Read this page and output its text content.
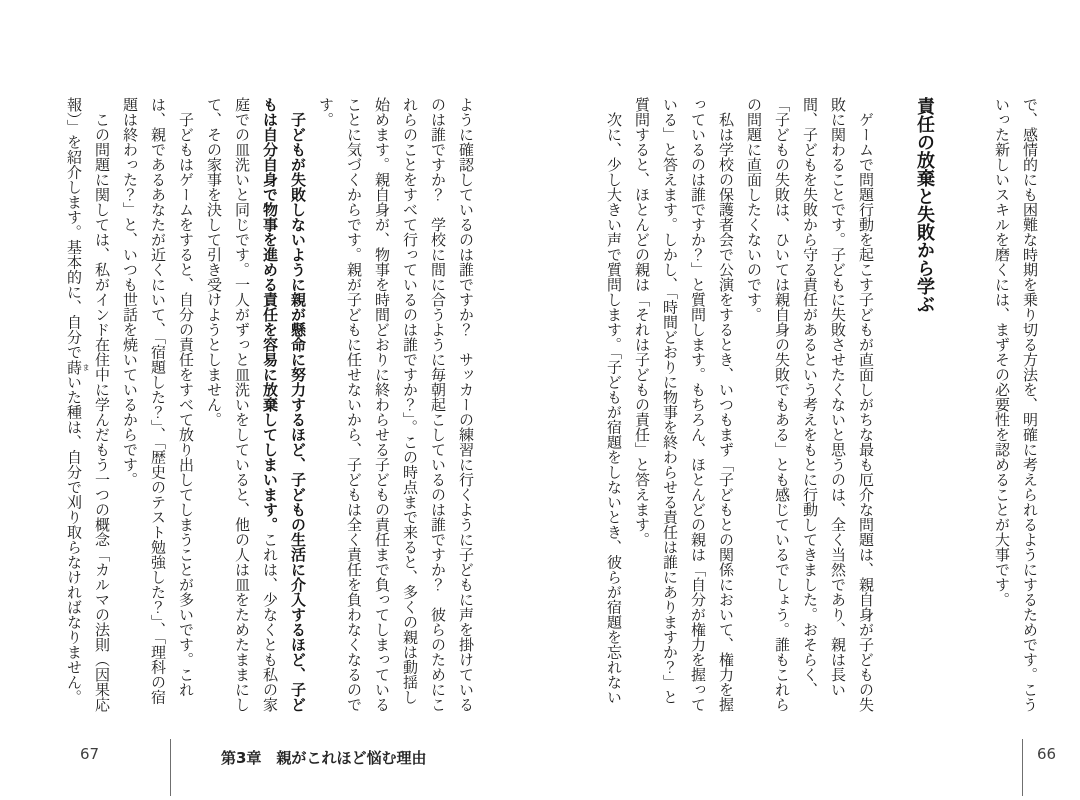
で、感情的にも困難な時期を乗り切る方法を、明確に考えられるようにするためです。こういった新しいスキルを磨くには、まずその必要性を認めることが大事です。

責任の放棄と失敗から学ぶ

ゲームで問題行動を起こす子どもが直面しがちな最も厄介な問題は、親自身が子どもの失敗に関わることです。子どもに失敗させたくないと思うのは、全く当然であり、親は長い間、子どもを失敗から守る責任があるという考えをもとに行動してきました。おそらく、「子どもの失敗は、ひいては親自身の失敗でもある」とも感じているでしょう。誰もこれらの問題に直面したくないのです。

私は学校の保護者会で公演をするとき、いつもまず「子どもとの関係において、権力を握っているのは誰ですか？」と質問します。もちろん、ほとんどの親は「自分が権力を握っている」と答えます。しかし、「時間どおりに物事を終わらせる責任は誰にありますか？」と質問すると、ほとんどの親は「それは子どもの責任」と答えます。

次に、少し大きい声で質問します。「子どもが宿題をしないとき、彼らが宿題を忘れない

ように確認しているのは誰ですか？　サッカーの練習に行くように子どもに声を掛けているのは誰ですか？　学校に間に合うように毎朝起こしているのは誰ですか？　彼らのためにこれらのことをすべて行っているのは誰ですか？」。この時点まで来ると、多くの親は動揺し始めます。親自身が、物事を時間どおりに終わらせる子どもの責任まで負ってしまっていることに気づくからです。親が子どもに任せないから、子どもは全く責任を負わなくなるのです。

子どもが失敗しないように親が懸命に努力するほど、子どもの生活に介入するほど、子どもは自分自身で物事を進める責任を容易に放棄してしまいます。これは、少なくとも私の家庭での皿洗いと同じです。一人がずっと皿洗いをしていると、他の人は皿をためたままにして、その家事を決して引き受けようとしません。

子どもはゲームをすると、自分の責任をすべて放り出してしまうことが多いです。これは、親であるあなたが近くにいて、「宿題した？」、「歴史のテスト勉強した？」、「理科の宿題は終わった？」と、いつも世話を焼いているからです。

この問題に関しては、私がインド在住中に学んだもう一つの概念「カルマの法則（因果応報）」を紹介します。基本的に、自分で蒔まいた種は、自分で刈り取らなければなりません。

66
67	第3章　親がこれほど悩む理由
